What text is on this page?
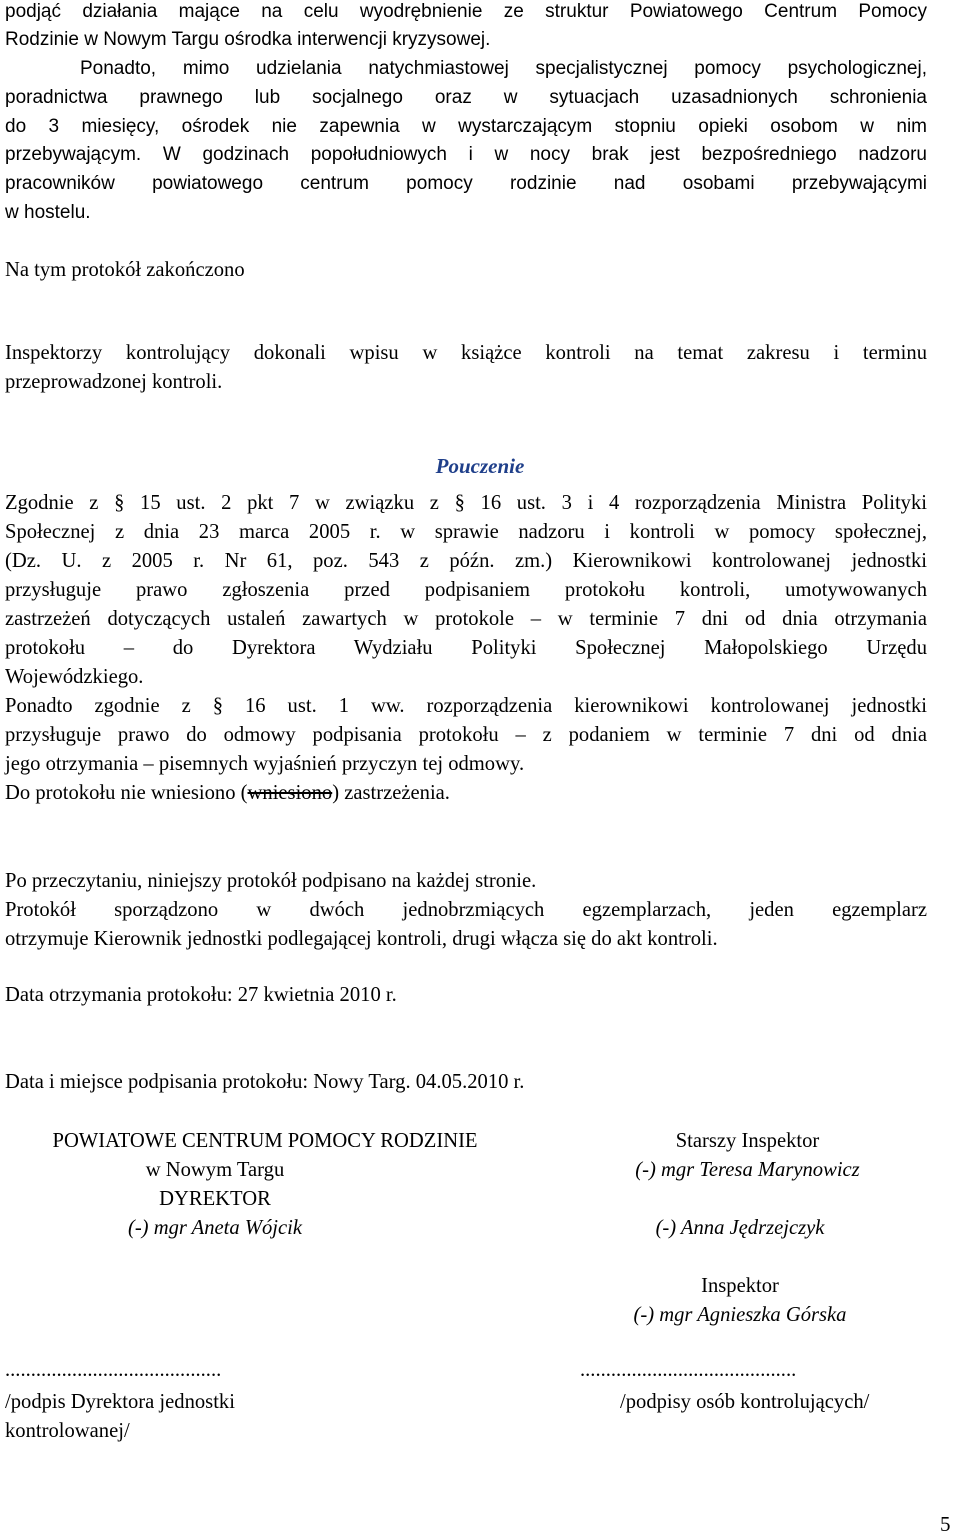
podjąć działania mające na celu wyodrębnienie ze struktur Powiatowego Centrum Pomocy
Rodzinie w Nowym Targu ośrodka interwencji kryzysowej.
Ponadto, mimo udzielania natychmiastowej specjalistycznej pomocy psychologicznej,
poradnictwa prawnego lub socjalnego oraz w sytuacjach uzasadnionych schronienia
do 3 miesięcy, ośrodek nie zapewnia w wystarczającym stopniu opieki osobom w nim
przebywającym. W godzinach popołudniowych i w nocy brak jest bezpośredniego nadzoru
pracowników powiatowego centrum pomocy rodzinie nad osobami przebywającymi
w hostelu.
Na tym protokół zakończono
Inspektorzy kontrolujący dokonali wpisu w książce kontroli na temat zakresu i terminu
przeprowadzonej kontroli.
Pouczenie
Zgodnie z § 15 ust. 2 pkt 7 w związku z § 16 ust. 3 i 4 rozporządzenia Ministra Polityki
Społecznej z dnia 23 marca 2005 r. w sprawie nadzoru i kontroli w pomocy społecznej,
(Dz. U. z 2005 r. Nr 61, poz. 543 z późn. zm.) Kierownikowi kontrolowanej jednostki
przysługuje prawo zgłoszenia przed podpisaniem protokołu kontroli, umotywowanych
zastrzeżeń dotyczących ustaleń zawartych w protokole – w terminie 7 dni od dnia otrzymania
protokołu – do Dyrektora Wydziału Polityki Społecznej Małopolskiego Urzędu
Wojewódzkiego.
Ponadto zgodnie z § 16 ust. 1 ww. rozporządzenia kierownikowi kontrolowanej jednostki
przysługuje prawo do odmowy podpisania protokołu – z podaniem w terminie 7 dni od dnia
jego otrzymania – pisemnych wyjaśnień przyczyn tej odmowy.
Do protokołu nie wniesiono (wniesiono) zastrzeżenia.
Po przeczytaniu, niniejszy protokół podpisano na każdej stronie.
Protokół sporządzono w dwóch jednobrzmiących egzemplarzach, jeden egzemplarz
otrzymuje Kierownik jednostki podlegającej kontroli, drugi włącza się do akt kontroli.
Data otrzymania protokołu: 27 kwietnia 2010 r.
Data i miejsce podpisania protokołu: Nowy Targ. 04.05.2010 r.
POWIATOWE CENTRUM POMOCY RODZINIE
w Nowym Targu
DYREKTOR
(-) mgr Aneta Wójcik
Starszy Inspektor
(-) mgr Teresa Marynowicz
(-) Anna Jędrzejczyk
Inspektor
(-) mgr Agnieszka Górska
..........................................	..........................................
/podpis Dyrektora jednostki
kontrolowanej/
/podpisy osób kontrolujących/
5
